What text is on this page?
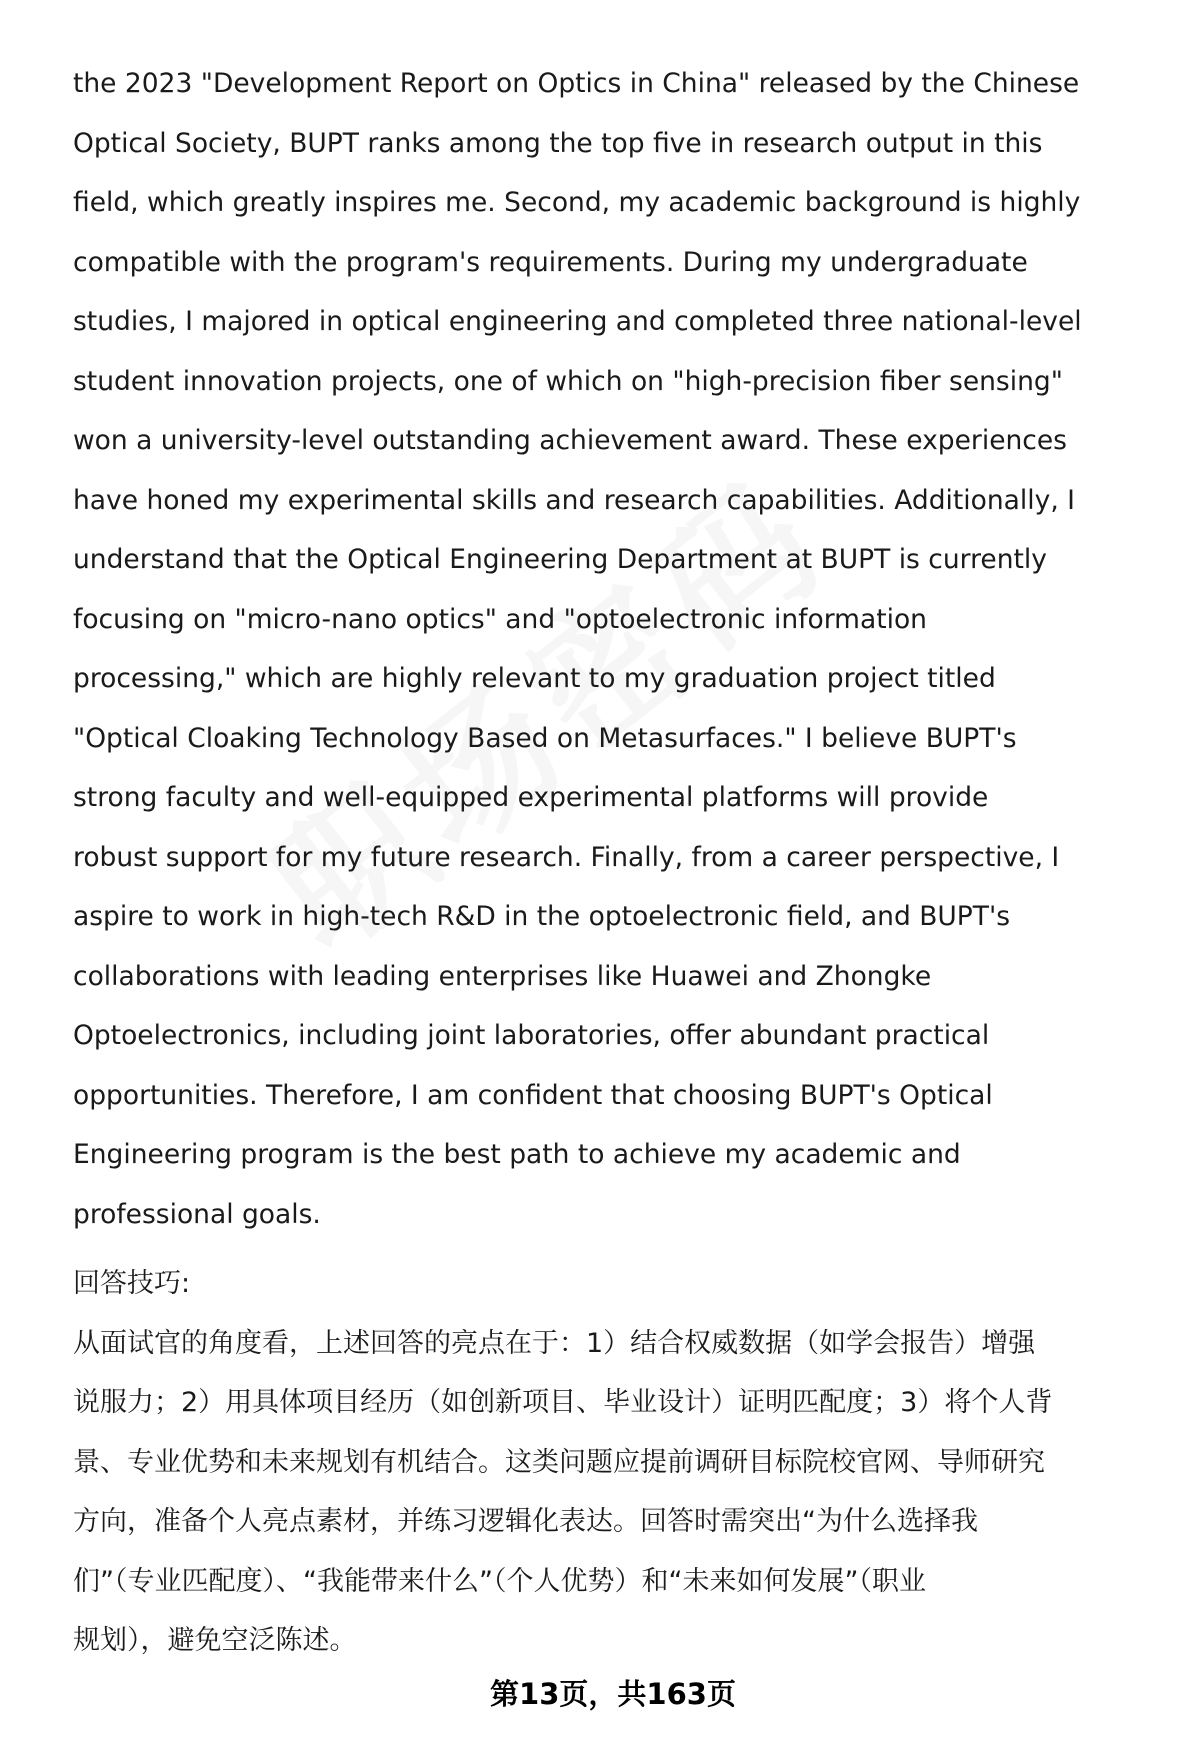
the 2023 "Development Report on Optics in China" released by the Chinese
Optical Society, BUPT ranks among the top five in research output in this
field, which greatly inspires me. Second, my academic background is highly
compatible with the program's requirements. During my undergraduate
studies, I majored in optical engineering and completed three national-level
student innovation projects, one of which on "high-precision fiber sensing"
won a university-level outstanding achievement award. These experiences
have honed my experimental skills and research capabilities. Additionally, I
understand that the Optical Engineering Department at BUPT is currently
focusing on "micro-nano optics" and "optoelectronic information
processing," which are highly relevant to my graduation project titled
"Optical Cloaking Technology Based on Metasurfaces." I believe BUPT's
strong faculty and well-equipped experimental platforms will provide
robust support for my future research. Finally, from a career perspective, I
aspire to work in high-tech R&D in the optoelectronic field, and BUPT's
collaborations with leading enterprises like Huawei and Zhongke
Optoelectronics, including joint laboratories, offer abundant practical
opportunities. Therefore, I am confident that choosing BUPT's Optical
Engineering program is the best path to achieve my academic and
professional goals.

回答技巧:

从面试官的角度看，上述回答的亮点在于：1）结合权威数据（如学会报告）增强
说服力；2）用具体项目经历（如创新项目、毕业设计）证明匹配度；3）将个人背
景、专业优势和未来规划有机结合。这类问题应提前调研目标院校官网、导师研究
方向，准备个人亮点素材，并练习逻辑化表达。回答时需突出“为什么选择我
们”（专业匹配度）、“我能带来什么”（个人优势）和“未来如何发展”（职业
规划），避免空泛陈述。

第13页，共163页
